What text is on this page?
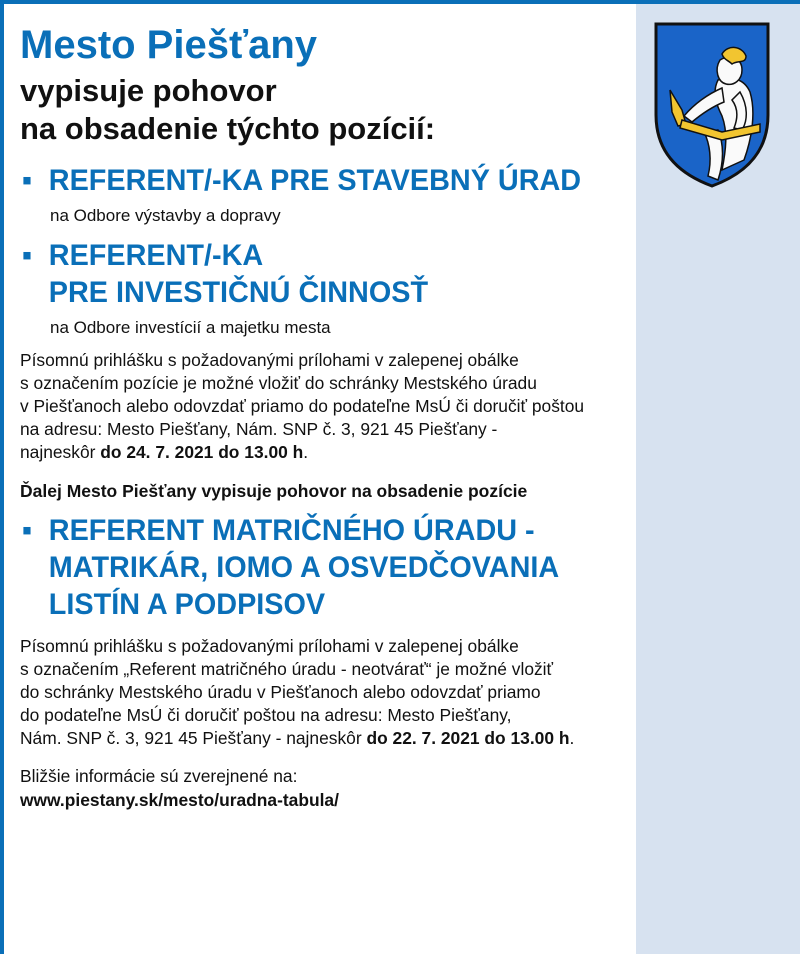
Mesto Piešťany
vypisuje pohovor
na obsadenie týchto pozícií:
▪ REFERENT/-KA PRE STAVEBNÝ ÚRAD
na Odbore výstavby a dopravy
▪ REFERENT/-KA
PRE INVESTIČNÚ ČINNOSŤ
na Odbore investícií a majetku mesta
Písomnú prihlášku s požadovanými prílohami v zalepenej obálke
s označením pozície je možné vložiť do schránky Mestského úradu
v Piešťanoch alebo odovzdať priamo do podateľne MsÚ či doručiť poštou
na adresu: Mesto Piešťany, Nám. SNP č. 3, 921 45 Piešťany -
najneskôr do 24. 7. 2021 do 13.00 h.
Ďalej Mesto Piešťany vypisuje pohovor na obsadenie pozície
▪ REFERENT MATRIČNÉHO ÚRADU -
MATRIKÁR, IOMO A OSVEDČOVANIA
LISTÍN A PODPISOV
Písomnú prihlášku s požadovanými prílohami v zalepenej obálke
s označením „Referent matričného úradu - neotvárať“ je možné vložiť
do schránky Mestského úradu v Piešťanoch alebo odovzdať priamo
do podateľne MsÚ či doručiť poštou na adresu: Mesto Piešťany,
Nám. SNP č. 3, 921 45 Piešťany - najneskôr do 22. 7. 2021 do 13.00 h.
Bližšie informácie sú zverejnené na:
www.piestany.sk/mesto/uradna-tabula/
